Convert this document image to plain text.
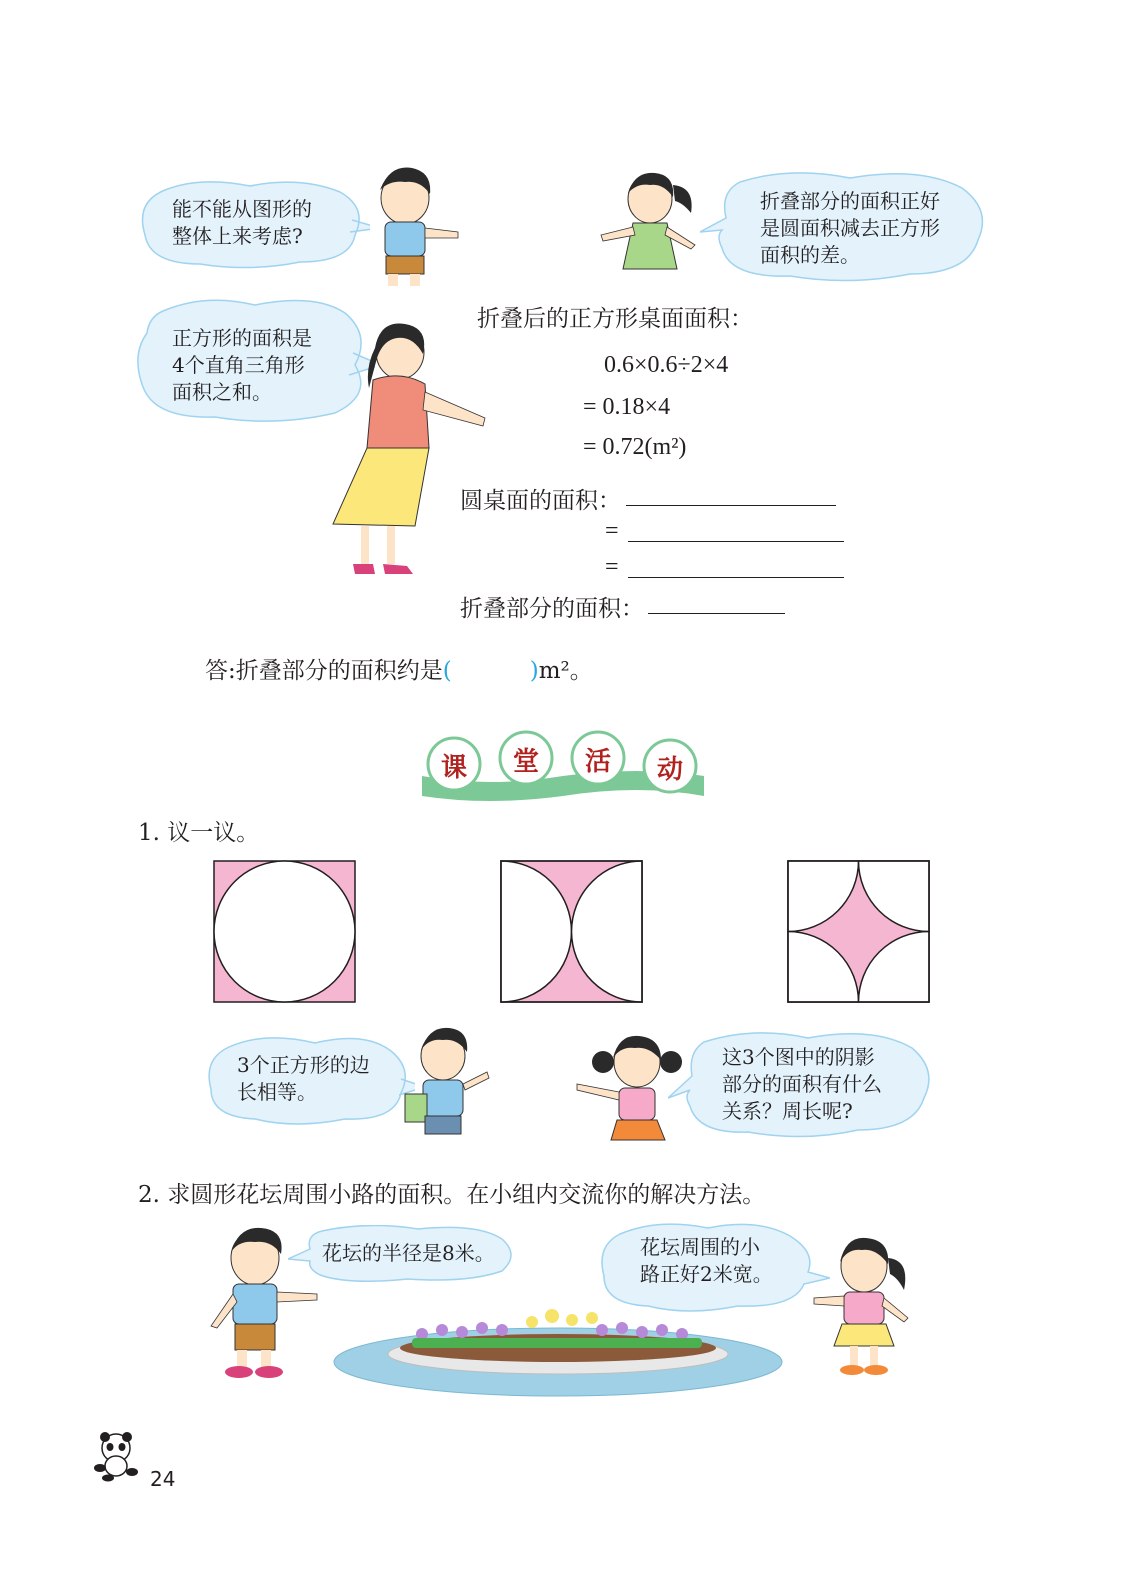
能不能从图形的
整体上来考虑?
折叠部分的面积正好
是圆面积减去正方形
面积的差。
正方形的面积是
4个直角三角形
面积之和。
折叠后的正方形桌面面积：
0.6×0.6÷2×4
= 0.18×4
= 0.72(m²)
圆桌面的面积：
=
=
折叠部分的面积：
答:折叠部分的面积约是(	)m²。
课 堂 活 动
1. 议一议。
3个正方形的边
长相等。
这3个图中的阴影
部分的面积有什么
关系？周长呢?
2. 求圆形花坛周围小路的面积。在小组内交流你的解决方法。
花坛的半径是8米。	花坛周围的小
路正好2米宽。
24
